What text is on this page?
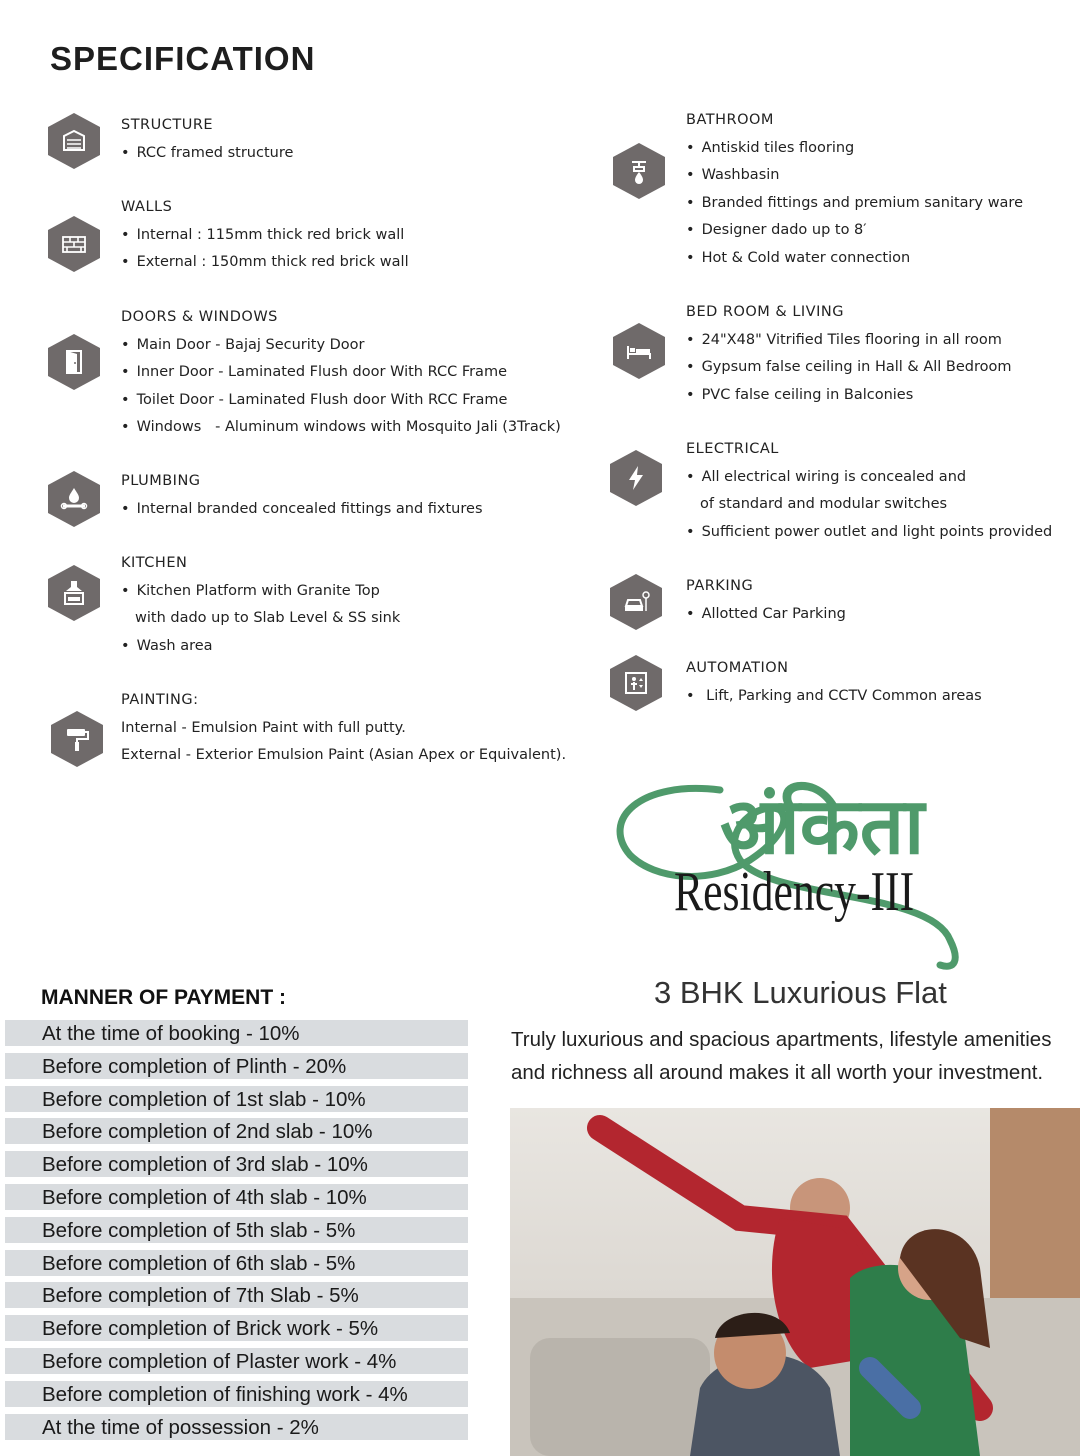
SPECIFICATION
STRUCTURE
• RCC framed structure
WALLS
• Internal : 115mm thick red brick wall
• External : 150mm thick red brick wall
DOORS & WINDOWS
• Main Door - Bajaj Security Door
• Inner Door - Laminated Flush door With RCC Frame
• Toilet Door - Laminated Flush door With RCC Frame
• Windows   - Aluminum windows with Mosquito Jali (3Track)
PLUMBING
• Internal branded concealed fittings and fixtures
KITCHEN
• Kitchen Platform with Granite Top
with dado up to Slab Level & SS sink
• Wash area
PAINTING:
Internal - Emulsion Paint with full putty.
External - Exterior Emulsion Paint (Asian Apex or Equivalent).
BATHROOM
• Antiskid tiles flooring
• Washbasin
• Branded fittings and premium sanitary ware
• Designer dado up to 8′
• Hot & Cold water connection
BED ROOM & LIVING
• 24"X48" Vitrified Tiles flooring in all room
• Gypsum false ceiling in Hall & All Bedroom
• PVC false ceiling in Balconies
ELECTRICAL
• All electrical wiring is concealed and
of standard and modular switches
• Sufficient power outlet and light points provided
PARKING
• Allotted Car Parking
AUTOMATION
•  Lift, Parking and CCTV Common areas
अंकिता
Residency-III
3 BHK Luxurious Flat
Truly luxurious and spacious apartments, lifestyle amenities
and richness all around makes it all worth your investment.
MANNER OF PAYMENT :
At the time of booking - 10%
Before completion of Plinth - 20%
Before completion of 1st slab - 10%
Before completion of 2nd slab - 10%
Before completion of 3rd slab - 10%
Before completion of 4th slab - 10%
Before completion of 5th slab - 5%
Before completion of 6th slab - 5%
Before completion of 7th Slab - 5%
Before completion of Brick work - 5%
Before completion of Plaster work - 4%
Before completion of finishing work - 4%
At the time of possession - 2%
